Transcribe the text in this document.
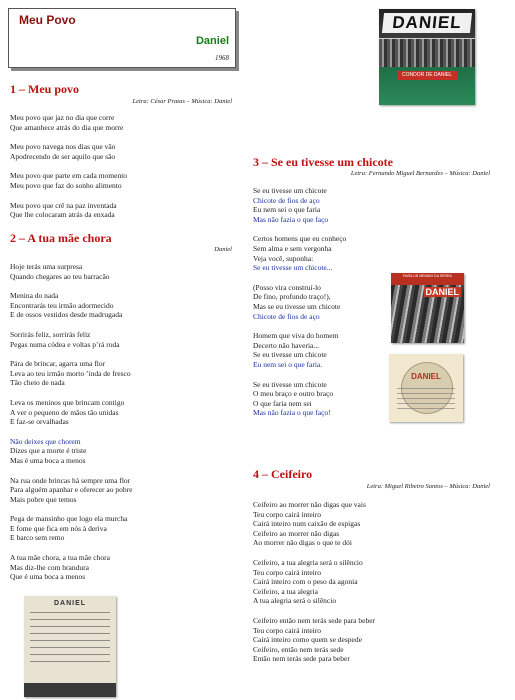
Meu Povo
Daniel
1968
DANIEL
CONDOR DE DANIEL
PARA UN MENINO DA SERRA
DANIEL
DANIEL
DANIEL
1 – Meu povo
Letra: César Pratas – Música: Daniel
Meu povo que jaz no dia que corre
Que amanhece atrás do dia que morre
Meu povo navega nos dias que vão
Apodrecendo de ser aquilo que são
Meu povo que parte em cada momento
Meu povo que faz do sonho alimento
Meu povo que crê na paz inventada
Que lhe colocaram atrás da enxada
2 – A tua mãe chora
Daniel
Hoje terás uma surpresa
Quando chegares ao teu barracão
Menina do nada
Encontrarás teu irmão adormecido
E de ossos vestidos desde madrugada
Sorrirás feliz, sorrirás feliz
Pegas numa códea e voltas p’rá roda
Pára de brincar, agarra uma flor
Leva ao teu irmão morto ’inda de fresco
Tão cheio de nada
Leva os meninos que brincam contigo
A ver o pequeno de mãos tão unidas
E faz-se orvalhadas
Não deixes que chorem
Dizes que a morte é triste
Mas é uma boca a menos
Na rua onde brincas há sempre uma flor
Para alguém apanhar e oferecer ao pobre
Mais pobre que temos
Pega de mansinho que logo ela murcha
E fome que fica em nós à deriva
E barco sem remo
A tua mãe chora, a tua mãe chora
Mas diz-lhe com brandura
Que é uma boca a menos
3 – Se eu tivesse um chicote
Letra: Fernando Miguel Bernardes – Música: Daniel
Se eu tivesse um chicote
Chicote de fios de aço
Eu nem sei o que faria
Mas não fazia o que faço
Certos homens que eu conheço
Sem alma e sem vergonha
Veja você, suponha:
Se eu tivesse um chicote...
(Posso vira construí-lo
De fino, profundo traço!),
Mas se eu tivesse um chicote
Chicote de fios de aço
Homem que viva do homem
Decerto não haveria...
Se eu tivesse um chicote
Eu nem sei o que faria.
Se eu tivesse um chicote
O meu braço e outro braço
O que faria nem sei
Mas não fazia o que faço!
4 – Ceifeiro
Letra: Miguel Ribeiro Santos – Música: Daniel
Ceifeiro ao morrer não digas que vais
Teu corpo cairá inteiro
Cairá inteiro num caixão de espigas
Ceifeiro ao morrer não digas
Ao morrer não digas o que te dói
Ceifeiro, a tua alegria será o silêncio
Teu corpo cairá inteiro
Cairá inteiro com o peso da agonia
Ceifeiro, a tua alegria
A tua alegria será o silêncio
Ceifeiro então nem terás sede para beber
Teu corpo cairá inteiro
Cairá inteiro como quem se despede
Ceifeiro, então nem terás sede
Então nem terás sede para beber
